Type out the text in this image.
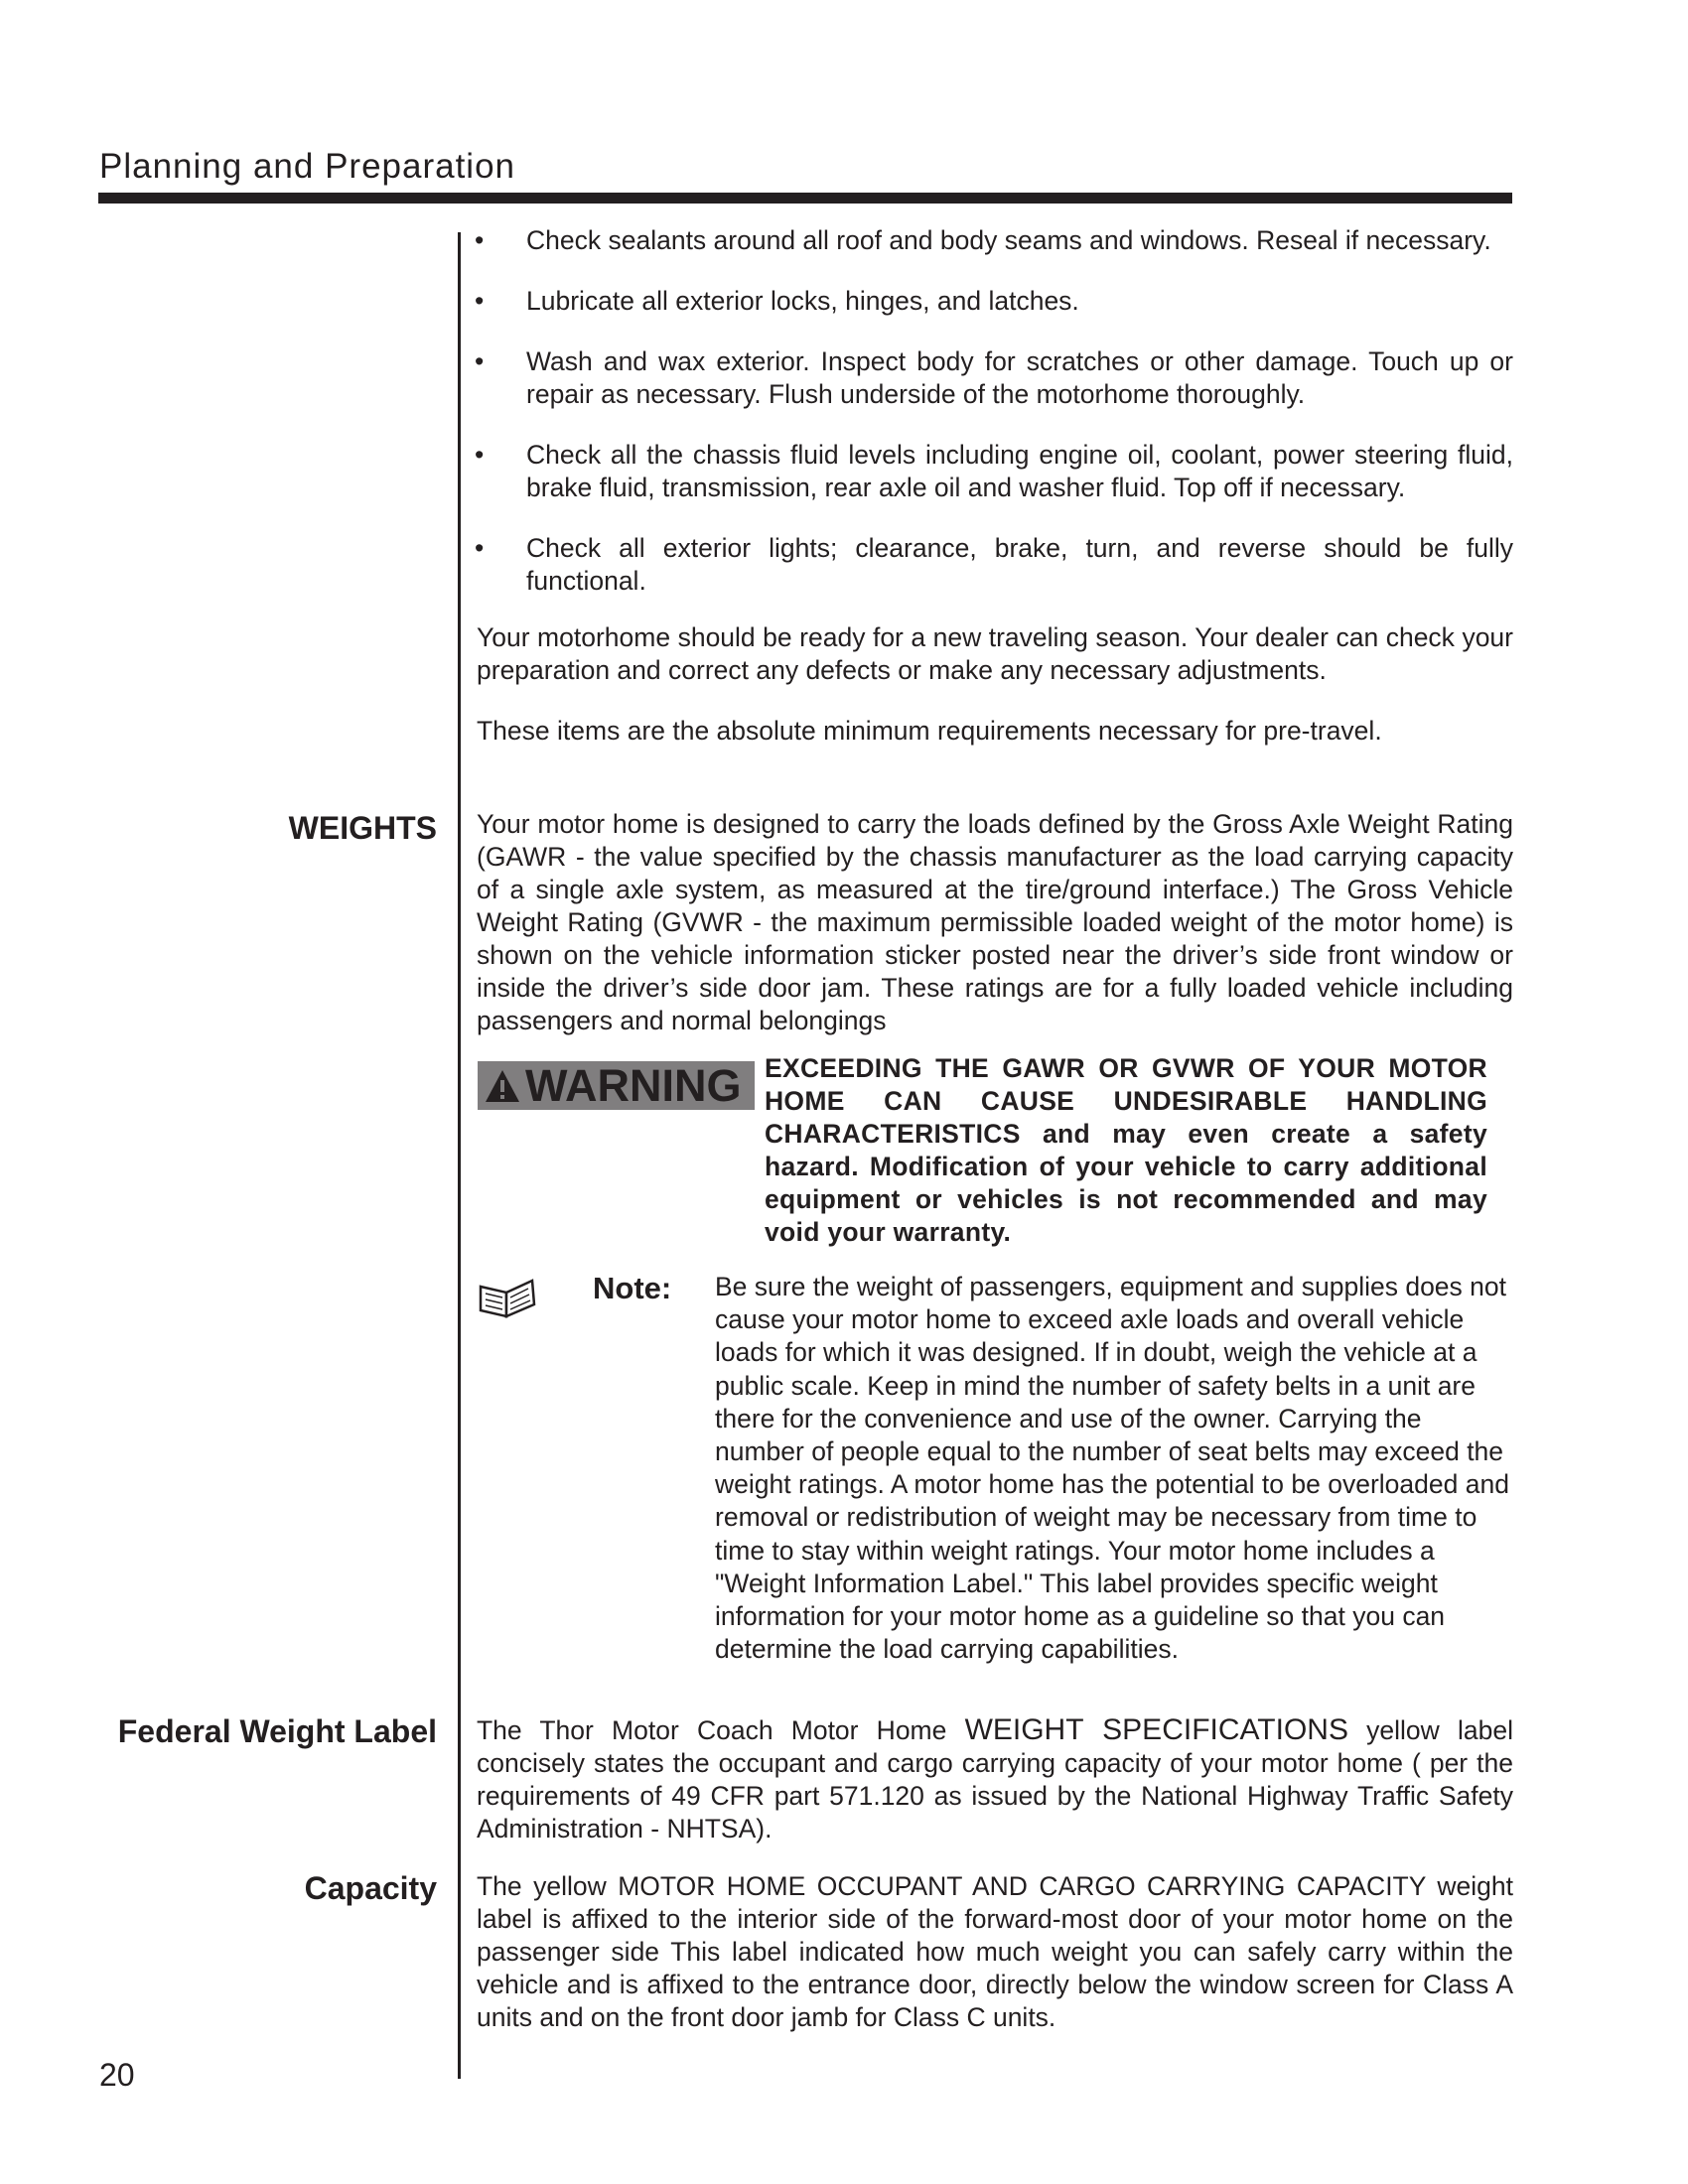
Planning and Preparation
• Check sealants around all roof and body seams and windows. Reseal if necessary.
• Lubricate all exterior locks, hinges, and latches.
• Wash and wax exterior. Inspect body for scratches or other damage. Touch up or repair as necessary. Flush underside of the motorhome thoroughly.
• Check all the chassis fluid levels including engine oil, coolant, power steering fluid, brake fluid, transmission, rear axle oil and washer fluid. Top off if necessary.
• Check all exterior lights; clearance, brake, turn, and reverse should be fully functional.
Your motorhome should be ready for a new traveling season. Your dealer can check your preparation and correct any defects or make any necessary adjustments.
These items are the absolute minimum requirements necessary for pre-travel.
WEIGHTS Your motor home is designed to carry the loads defined by the Gross Axle Weight Rating (GAWR - the value specified by the chassis manufacturer as the load carrying capacity of a single axle system, as measured at the tire/ground interface.) The Gross Vehicle Weight Rating (GVWR - the maximum permissible loaded weight of the motor home) is shown on the vehicle information sticker posted near the driver’s side front window or inside the driver’s side door jam. These ratings are for a fully loaded vehicle including passengers and normal belongings
WARNING EXCEEDING THE GAWR OR GVWR OF YOUR MOTOR HOME CAN CAUSE UNDESIRABLE HANDLING CHARACTERISTICS and may even create a safety hazard. Modification of your vehicle to carry additional equipment or vehicles is not recommended and may void your warranty.
Note: Be sure the weight of passengers, equipment and supplies does not cause your motor home to exceed axle loads and overall vehicle loads for which it was designed. If in doubt, weigh the vehicle at a public scale. Keep in mind the number of safety belts in a unit are there for the convenience and use of the owner. Carrying the number of people equal to the number of seat belts may exceed the weight ratings. A motor home has the potential to be overloaded and removal or redistribution of weight may be necessary from time to time to stay within weight ratings. Your motor home includes a "Weight Information Label." This label provides specific weight information for your motor home as a guideline so that you can determine the load carrying capabilities.
Federal Weight Label The Thor Motor Coach Motor Home WEIGHT SPECIFICATIONS yellow label concisely states the occupant and cargo carrying capacity of your motor home ( per the requirements of 49 CFR part 571.120 as issued by the National Highway Traffic Safety Administration - NHTSA).
Capacity The yellow MOTOR HOME OCCUPANT AND CARGO CARRYING CAPACITY weight label is affixed to the interior side of the forward-most door of your motor home on the passenger side This label indicated how much weight you can safely carry within the vehicle and is affixed to the entrance door, directly below the window screen for Class A units and on the front door jamb for Class C units.
20
